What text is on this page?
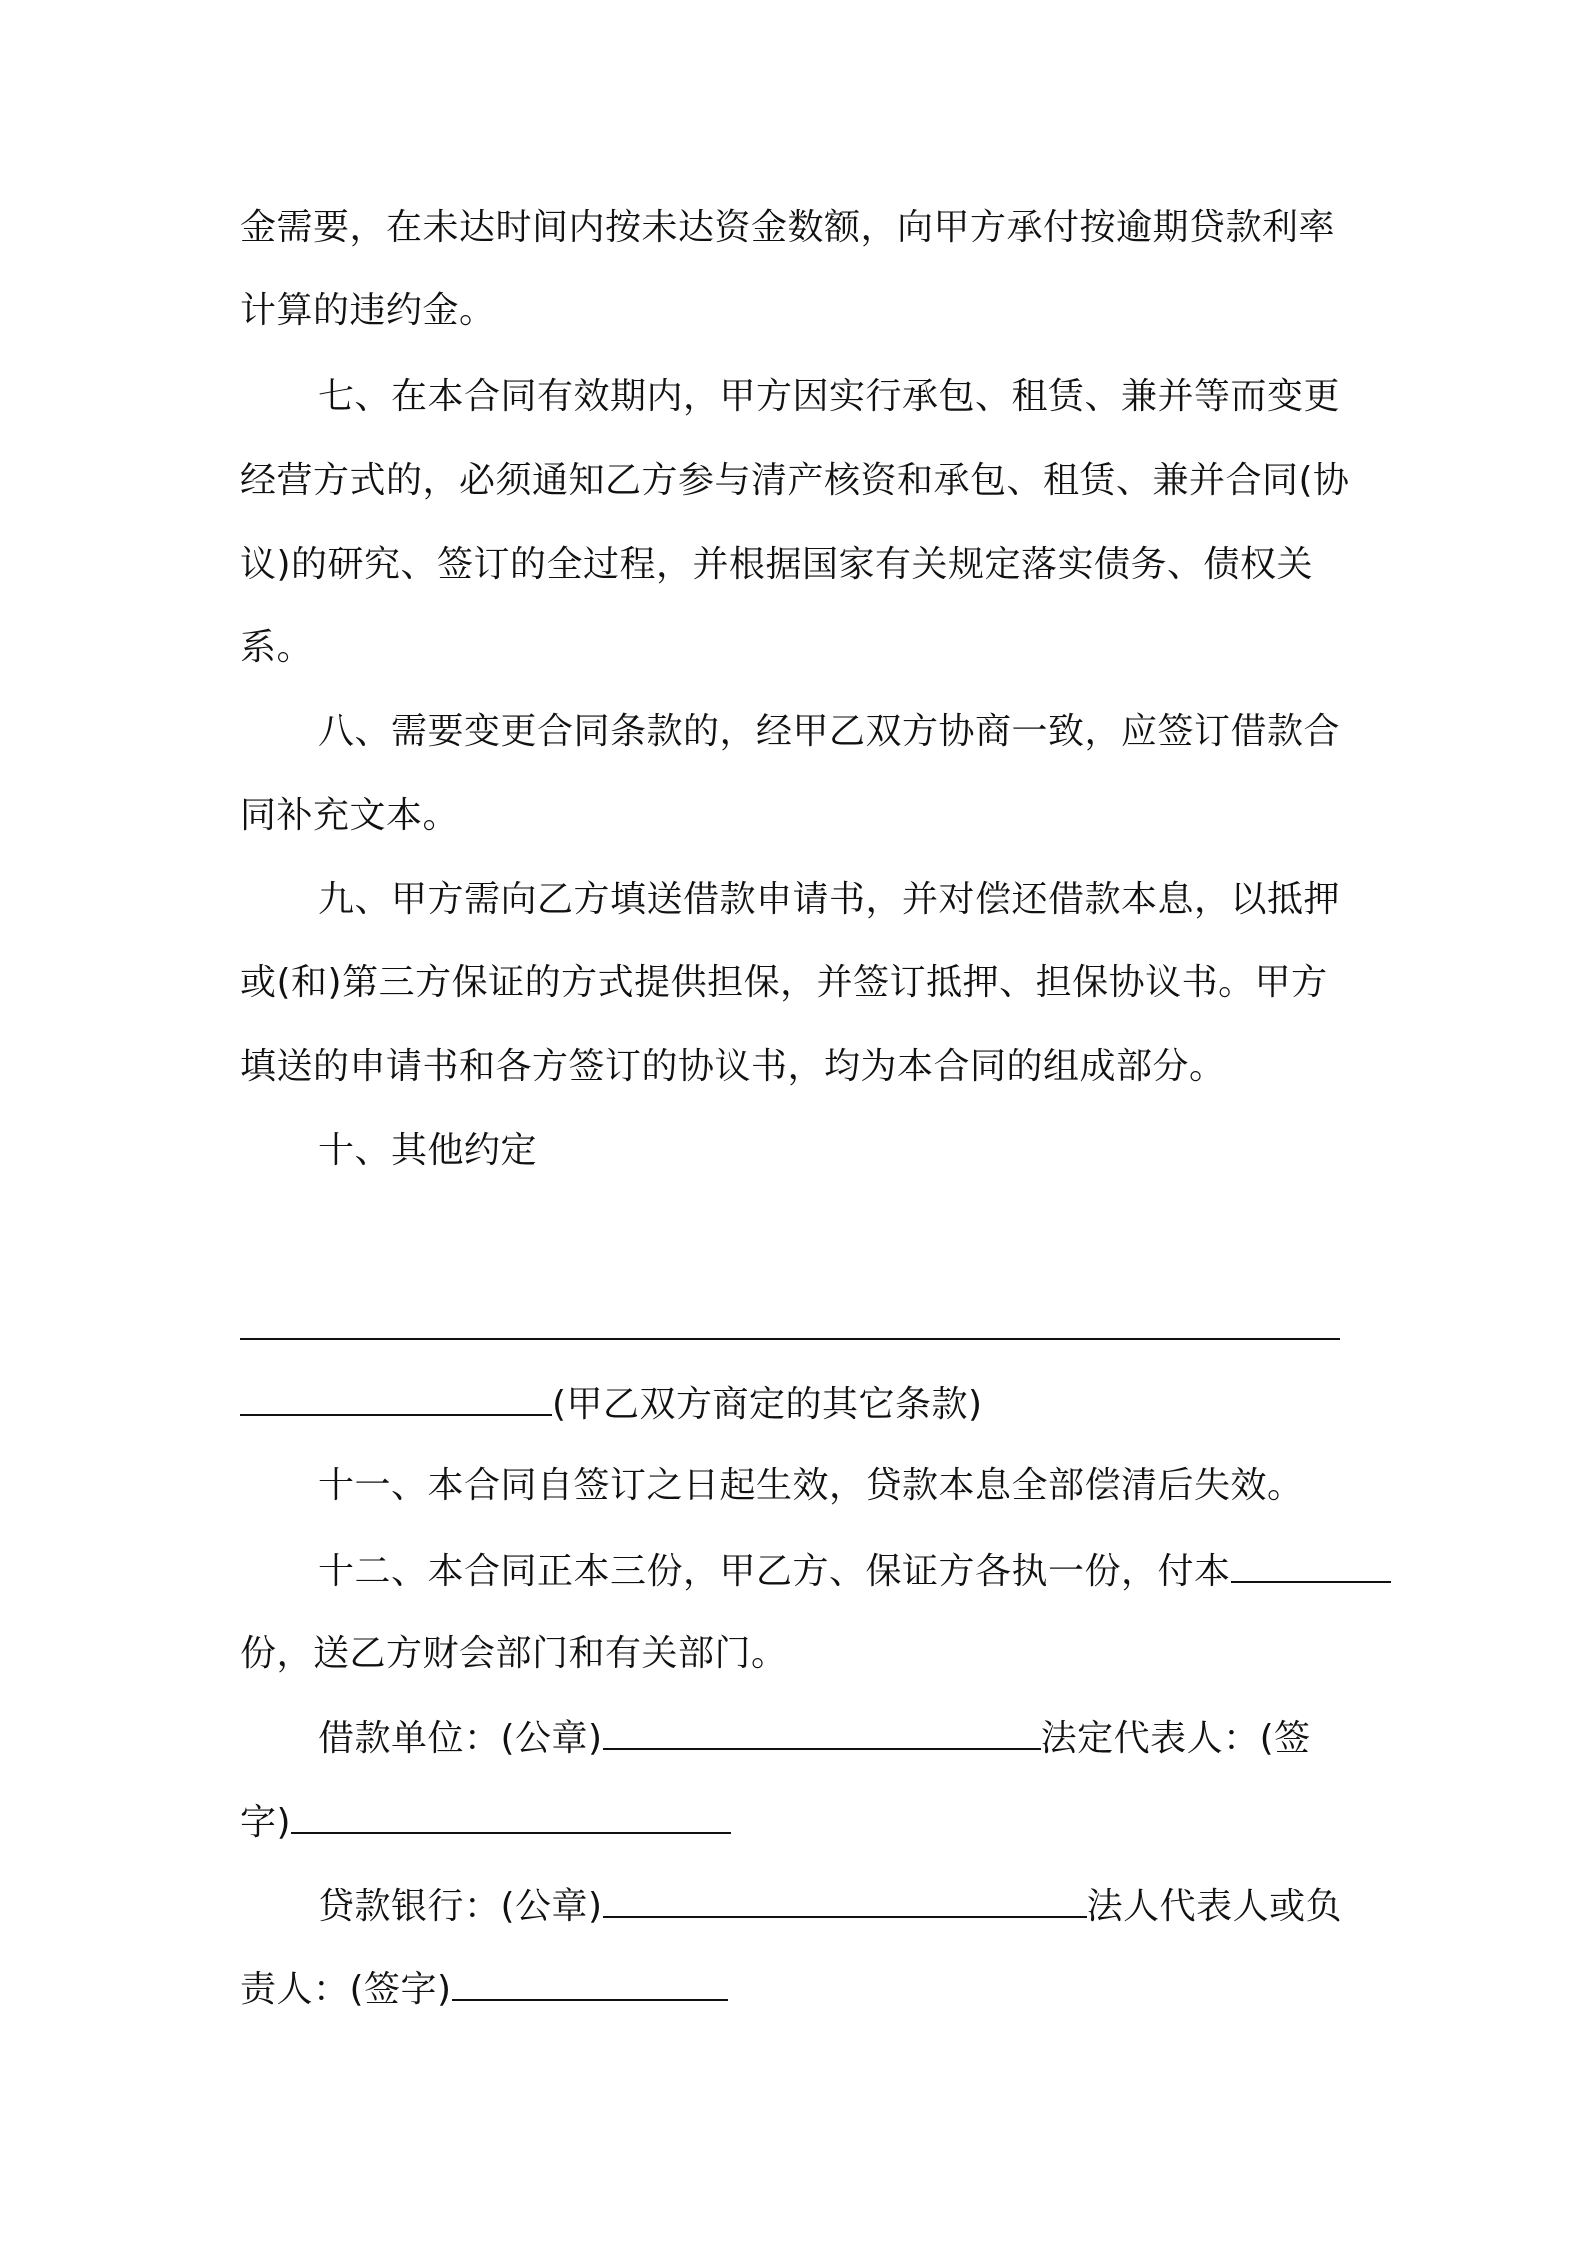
金需要，在未达时间内按未达资金数额，向甲方承付按逾期贷款利率
计算的违约金。
七、在本合同有效期内，甲方因实行承包、租赁、兼并等而变更
经营方式的，必须通知乙方参与清产核资和承包、租赁、兼并合同(协
议)的研究、签订的全过程，并根据国家有关规定落实债务、债权关
系。
八、需要变更合同条款的，经甲乙双方协商一致，应签订借款合
同补充文本。
九、甲方需向乙方填送借款申请书，并对偿还借款本息，以抵押
或(和)第三方保证的方式提供担保，并签订抵押、担保协议书。甲方
填送的申请书和各方签订的协议书，均为本合同的组成部分。
十、其他约定
(甲乙双方商定的其它条款)
十一、本合同自签订之日起生效，贷款本息全部偿清后失效。
十二、本合同正本三份，甲乙方、保证方各执一份，付本
份，送乙方财会部门和有关部门。
借款单位：(公章)	法定代表人：(签
字)
贷款银行：(公章)	法人代表人或负
责人：(签字)
